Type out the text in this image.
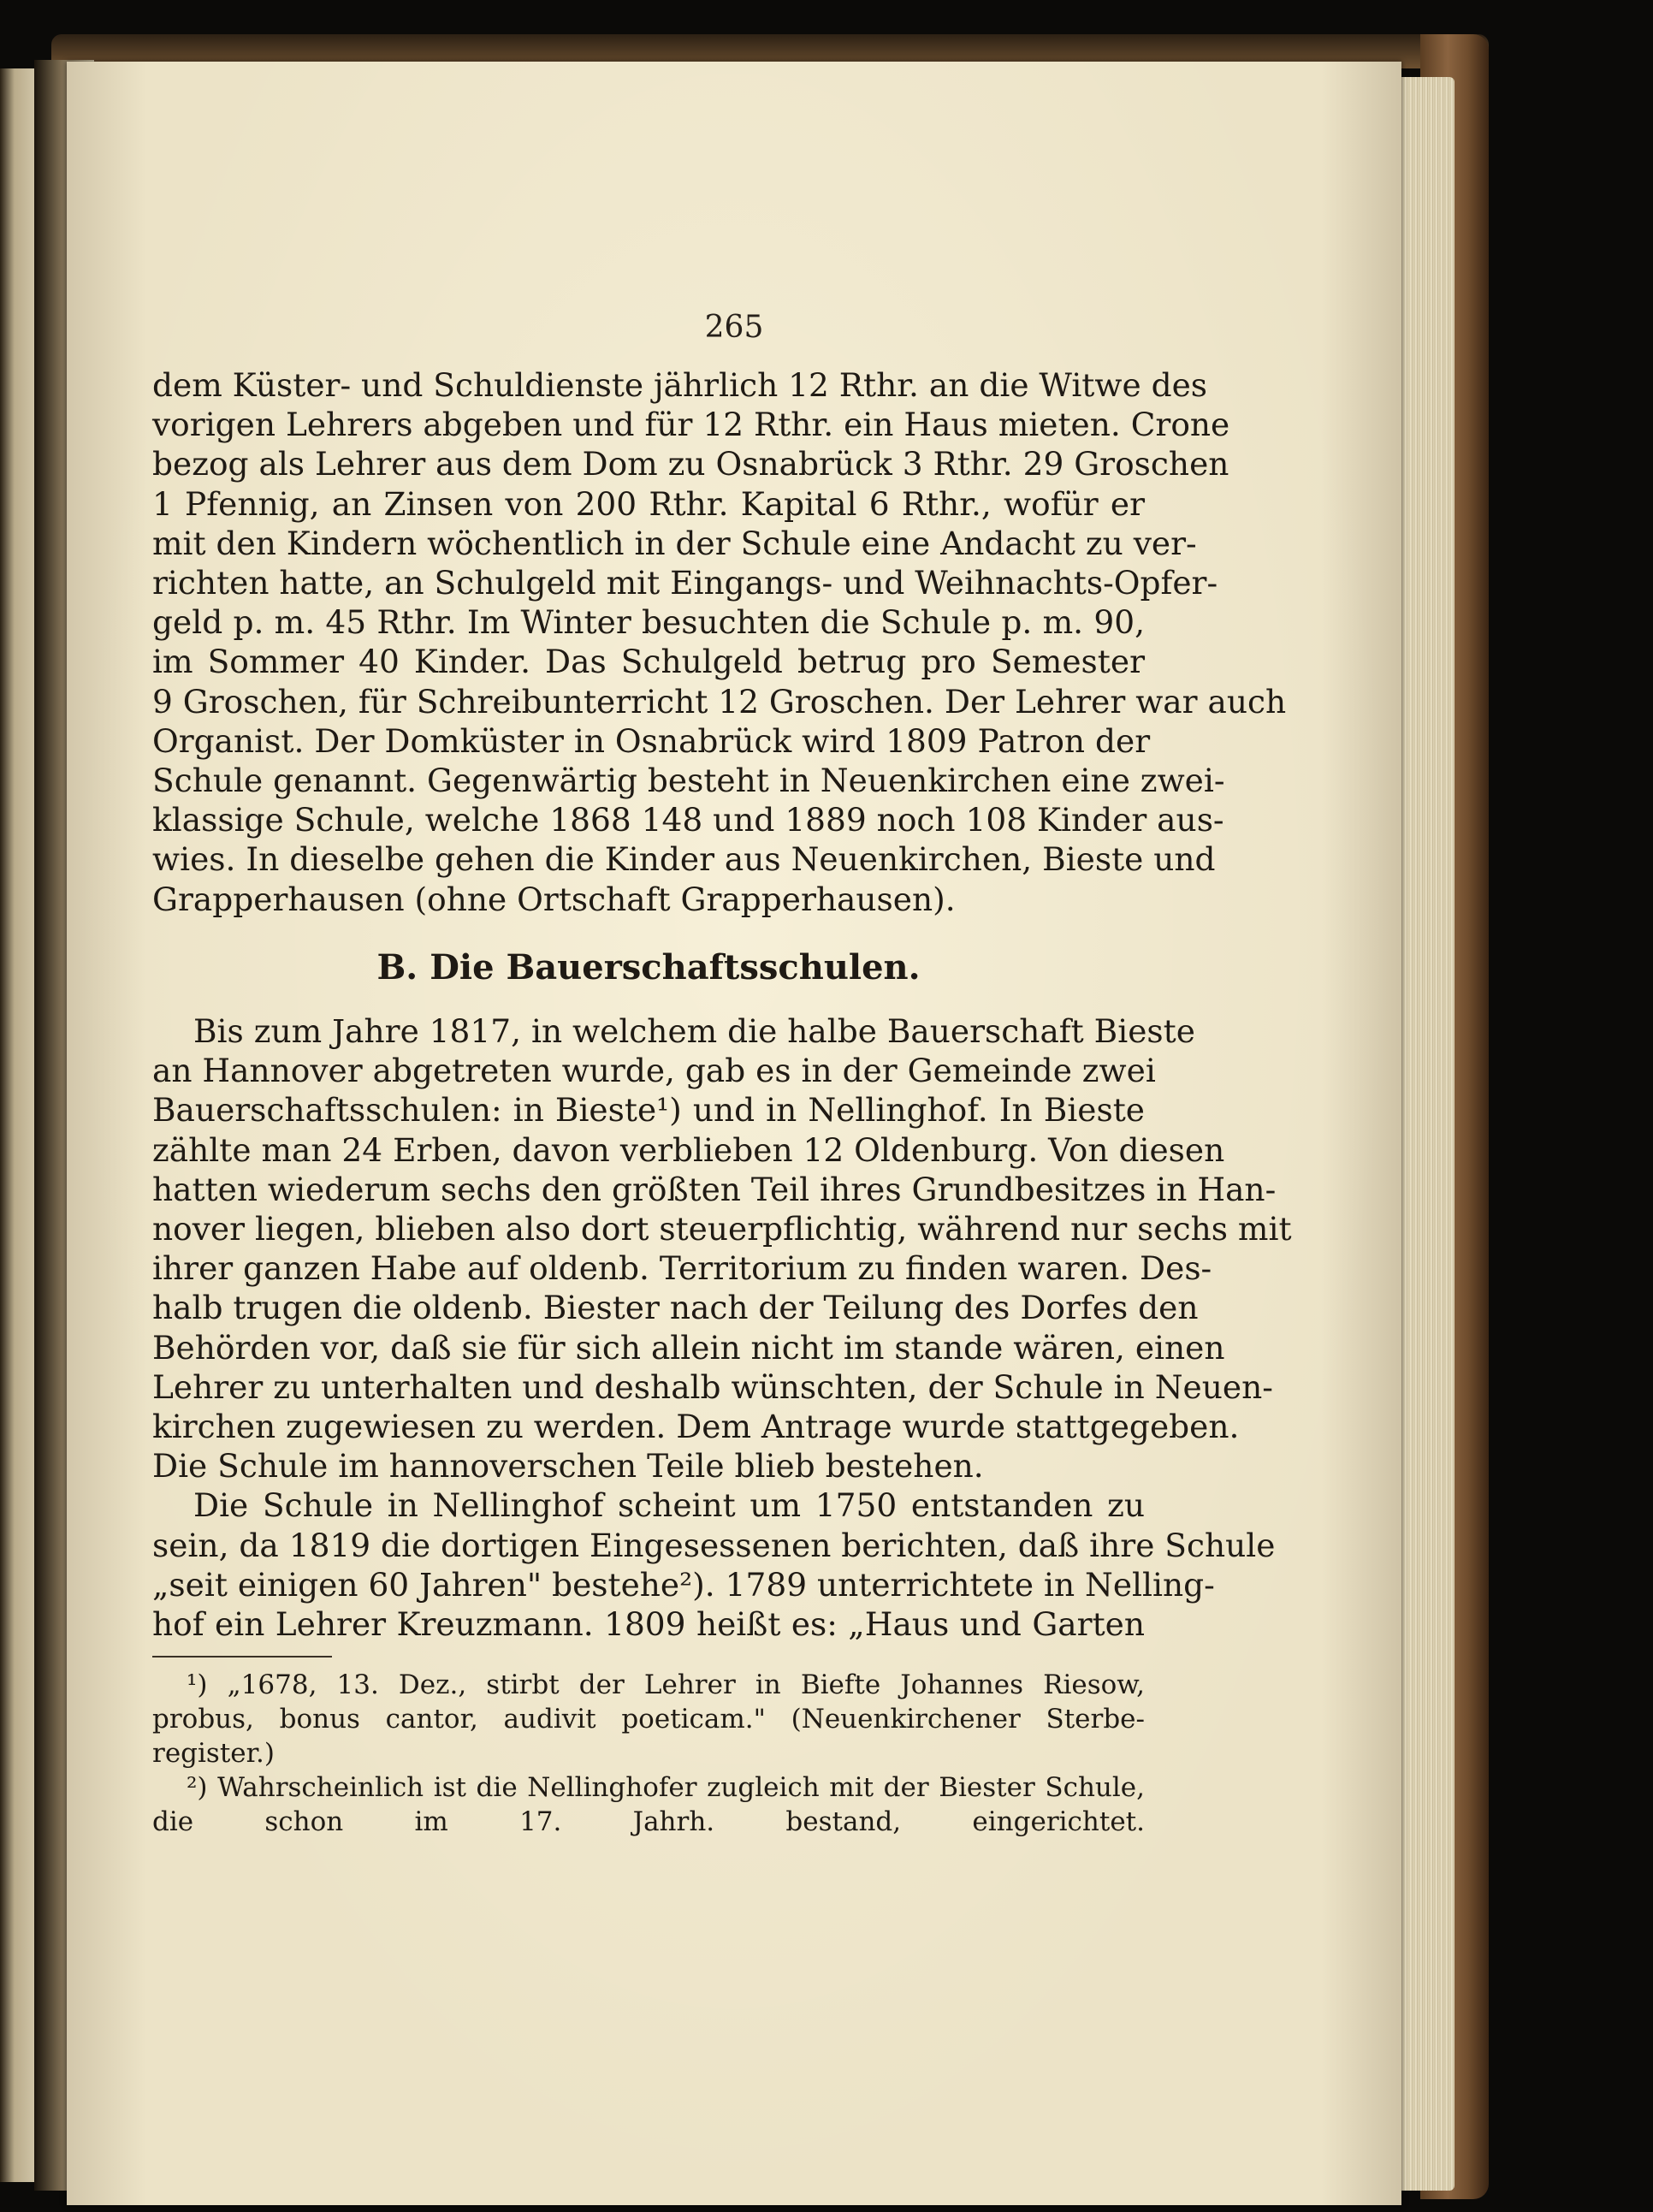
265
dem Küster- und Schuldienste jährlich 12 Rthr. an die Witwe des
vorigen Lehrers abgeben und für 12 Rthr. ein Haus mieten. Crone
bezog als Lehrer aus dem Dom zu Osnabrück 3 Rthr. 29 Groschen
1 Pfennig, an Zinsen von 200 Rthr. Kapital 6 Rthr., wofür er
mit den Kindern wöchentlich in der Schule eine Andacht zu ver-
richten hatte, an Schulgeld mit Eingangs- und Weihnachts-Opfer-
geld p. m. 45 Rthr. Im Winter besuchten die Schule p. m. 90,
im Sommer 40 Kinder. Das Schulgeld betrug pro Semester
9 Groschen, für Schreibunterricht 12 Groschen. Der Lehrer war auch
Organist. Der Domküster in Osnabrück wird 1809 Patron der
Schule genannt. Gegenwärtig besteht in Neuenkirchen eine zwei-
klassige Schule, welche 1868 148 und 1889 noch 108 Kinder aus-
wies. In dieselbe gehen die Kinder aus Neuenkirchen, Bieste und
Grapperhausen (ohne Ortschaft Grapperhausen).
B. Die Bauerschaftsschulen.
Bis zum Jahre 1817, in welchem die halbe Bauerschaft Bieste
an Hannover abgetreten wurde, gab es in der Gemeinde zwei
Bauerschaftsschulen: in Bieste¹) und in Nellinghof. In Bieste
zählte man 24 Erben, davon verblieben 12 Oldenburg. Von diesen
hatten wiederum sechs den größten Teil ihres Grundbesitzes in Han-
nover liegen, blieben also dort steuerpflichtig, während nur sechs mit
ihrer ganzen Habe auf oldenb. Territorium zu finden waren. Des-
halb trugen die oldenb. Biester nach der Teilung des Dorfes den
Behörden vor, daß sie für sich allein nicht im stande wären, einen
Lehrer zu unterhalten und deshalb wünschten, der Schule in Neuen-
kirchen zugewiesen zu werden. Dem Antrage wurde stattgegeben.
Die Schule im hannoverschen Teile blieb bestehen.
Die Schule in Nellinghof scheint um 1750 entstanden zu
sein, da 1819 die dortigen Eingesessenen berichten, daß ihre Schule
„seit einigen 60 Jahren" bestehe²). 1789 unterrichtete in Nelling-
hof ein Lehrer Kreuzmann. 1809 heißt es: „Haus und Garten
¹) „1678, 13. Dez., stirbt der Lehrer in Biefte Johannes Riesow,
probus, bonus cantor, audivit poeticam." (Neuenkirchener Sterbe-
register.)
²) Wahrscheinlich ist die Nellinghofer zugleich mit der Biester Schule,
die schon im 17. Jahrh. bestand, eingerichtet.
